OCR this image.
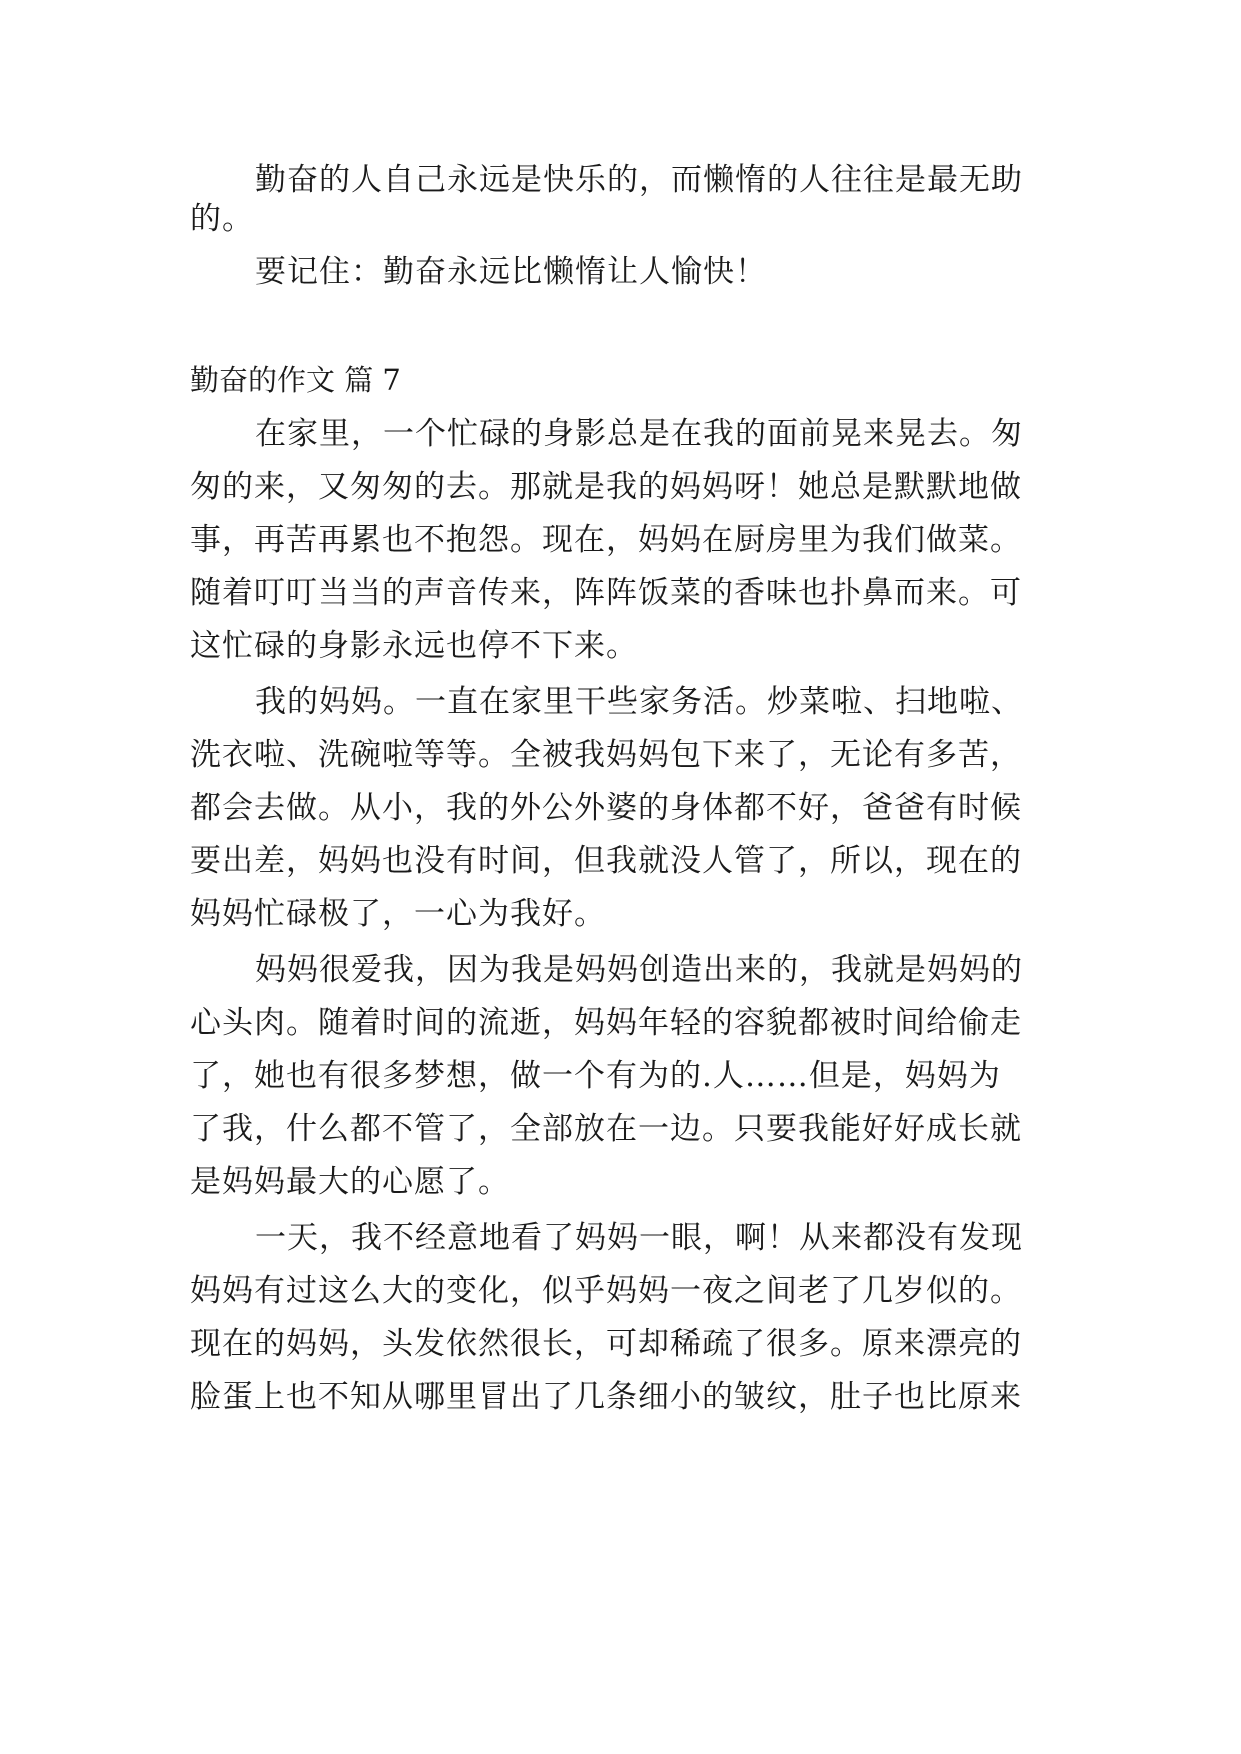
勤奋的人自己永远是快乐的，而懒惰的人往往是最无助
的。
要记住：勤奋永远比懒惰让人愉快！
勤奋的作文 篇 7
在家里，一个忙碌的身影总是在我的面前晃来晃去。匆
匆的来，又匆匆的去。那就是我的妈妈呀！她总是默默地做
事，再苦再累也不抱怨。现在，妈妈在厨房里为我们做菜。
随着叮叮当当的声音传来，阵阵饭菜的香味也扑鼻而来。可
这忙碌的身影永远也停不下来。
我的妈妈。一直在家里干些家务活。炒菜啦、扫地啦、
洗衣啦、洗碗啦等等。全被我妈妈包下来了，无论有多苦，
都会去做。从小，我的外公外婆的身体都不好，爸爸有时候
要出差，妈妈也没有时间，但我就没人管了，所以，现在的
妈妈忙碌极了，一心为我好。
妈妈很爱我，因为我是妈妈创造出来的，我就是妈妈的
心头肉。随着时间的流逝，妈妈年轻的容貌都被时间给偷走
了，她也有很多梦想，做一个有为的.人……但是，妈妈为
了我，什么都不管了，全部放在一边。只要我能好好成长就
是妈妈最大的心愿了。
一天，我不经意地看了妈妈一眼，啊！从来都没有发现
妈妈有过这么大的变化，似乎妈妈一夜之间老了几岁似的。
现在的妈妈，头发依然很长，可却稀疏了很多。原来漂亮的
脸蛋上也不知从哪里冒出了几条细小的皱纹，肚子也比原来
